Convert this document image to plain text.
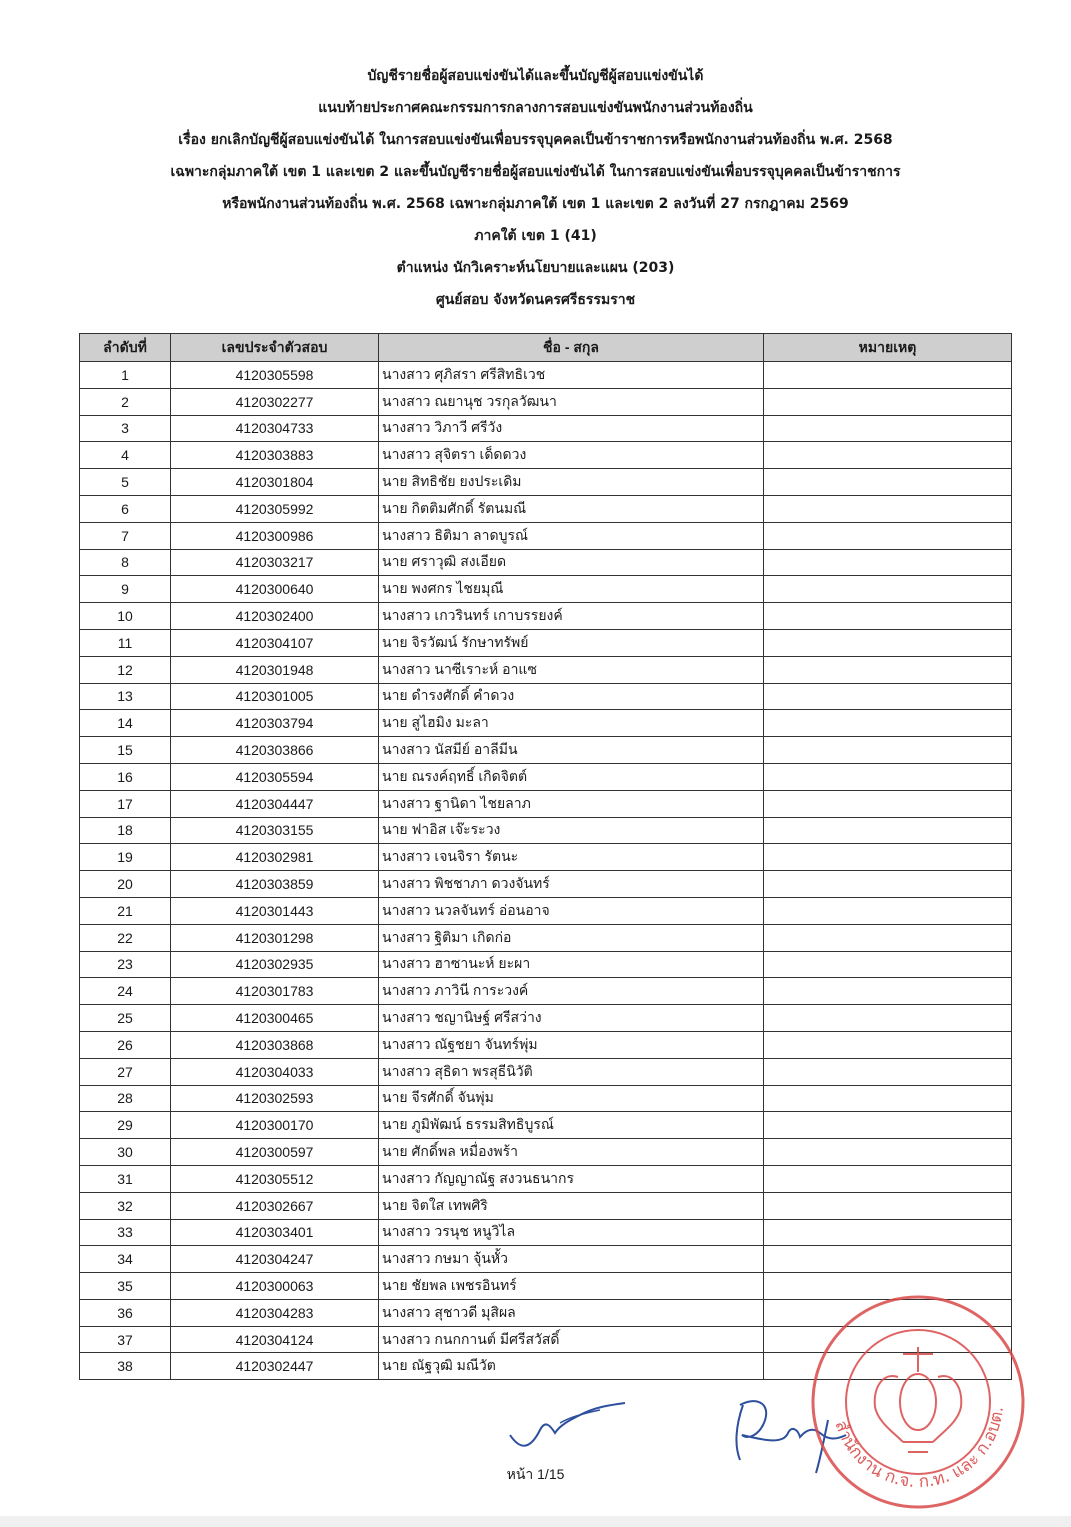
บัญชีรายชื่อผู้สอบแข่งขันได้และขึ้นบัญชีผู้สอบแข่งขันได้
แนบท้ายประกาศคณะกรรมการกลางการสอบแข่งขันพนักงานส่วนท้องถิ่น
เรื่อง ยกเลิกบัญชีผู้สอบแข่งขันได้ ในการสอบแข่งขันเพื่อบรรจุบุคคลเป็นข้าราชการหรือพนักงานส่วนท้องถิ่น พ.ศ. 2568
เฉพาะกลุ่มภาคใต้ เขต 1 และเขต 2 และขึ้นบัญชีรายชื่อผู้สอบแข่งขันได้ ในการสอบแข่งขันเพื่อบรรจุบุคคลเป็นข้าราชการ
หรือพนักงานส่วนท้องถิ่น พ.ศ. 2568 เฉพาะกลุ่มภาคใต้ เขต 1 และเขต 2 ลงวันที่ 27 กรกฎาคม 2569
ภาคใต้ เขต 1 (41)
ตำแหน่ง นักวิเคราะห์นโยบายและแผน (203)
ศูนย์สอบ จังหวัดนครศรีธรรมราช
ลำดับที่	เลขประจำตัวสอบ	ชื่อ - สกุล	หมายเหตุ
1	4120305598	นางสาว ศุภิสรา ศรีสิทธิเวช	
2	4120302277	นางสาว ณยานุช วรกุลวัฒนา	
3	4120304733	นางสาว วิภาวี ศรีวัง	
4	4120303883	นางสาว สุจิตรา เด็ดดวง	
5	4120301804	นาย สิทธิชัย ยงประเดิม	
6	4120305992	นาย กิตติมศักดิ์ รัตนมณี	
7	4120300986	นางสาว ธิติมา ลาดบูรณ์	
8	4120303217	นาย ศราวุฒิ สงเอียด	
9	4120300640	นาย พงศกร ไชยมุณี	
10	4120302400	นางสาว เกวรินทร์ เกาบรรยงค์	
11	4120304107	นาย จิรวัฒน์ รักษาทรัพย์	
12	4120301948	นางสาว นาซีเราะห์ อาแซ	
13	4120301005	นาย ดำรงศักดิ์ คำดวง	
14	4120303794	นาย สูไฮมิง มะลา	
15	4120303866	นางสาว นัสมีย์ อาลีมีน	
16	4120305594	นาย ณรงค์ฤทธิ์ เกิดจิตต์	
17	4120304447	นางสาว ฐานิดา ไชยลาภ	
18	4120303155	นาย ฟาอิส เจ๊ะระวง	
19	4120302981	นางสาว เจนจิรา รัตนะ	
20	4120303859	นางสาว พิชชาภา ดวงจันทร์	
21	4120301443	นางสาว นวลจันทร์ อ่อนอาจ	
22	4120301298	นางสาว ฐิติมา เกิดก่อ	
23	4120302935	นางสาว ฮาซานะห์ ยะผา	
24	4120301783	นางสาว ภาวินี การะวงค์	
25	4120300465	นางสาว ชญานิษฐ์ ศรีสว่าง	
26	4120303868	นางสาว ณัฐชยา จันทร์พุ่ม	
27	4120304033	นางสาว สุธิดา พรสุธีนิวัติ	
28	4120302593	นาย จีรศักดิ์ จันพุ่ม	
29	4120300170	นาย ภูมิพัฒน์ ธรรมสิทธิบูรณ์	
30	4120300597	นาย ศักดิ์พล หมื่องพร้า	
31	4120305512	นางสาว กัญญาณัฐ สงวนธนากร	
32	4120302667	นาย จิตใส เทพศิริ	
33	4120303401	นางสาว วรนุช หนูวิไล	
34	4120304247	นางสาว กษมา จุ้นหั้ว	
35	4120300063	นาย ชัยพล เพชรอินทร์	
36	4120304283	นางสาว สุชาวดี มุสิผล	
37	4120304124	นางสาว กนกกานต์ มีศรีสวัสดิ์	
38	4120302447	นาย ณัฐวุฒิ มณีวัต	
สำนักงาน ก.จ. ก.ท. และ ก.อบต.
หน้า 1/15
